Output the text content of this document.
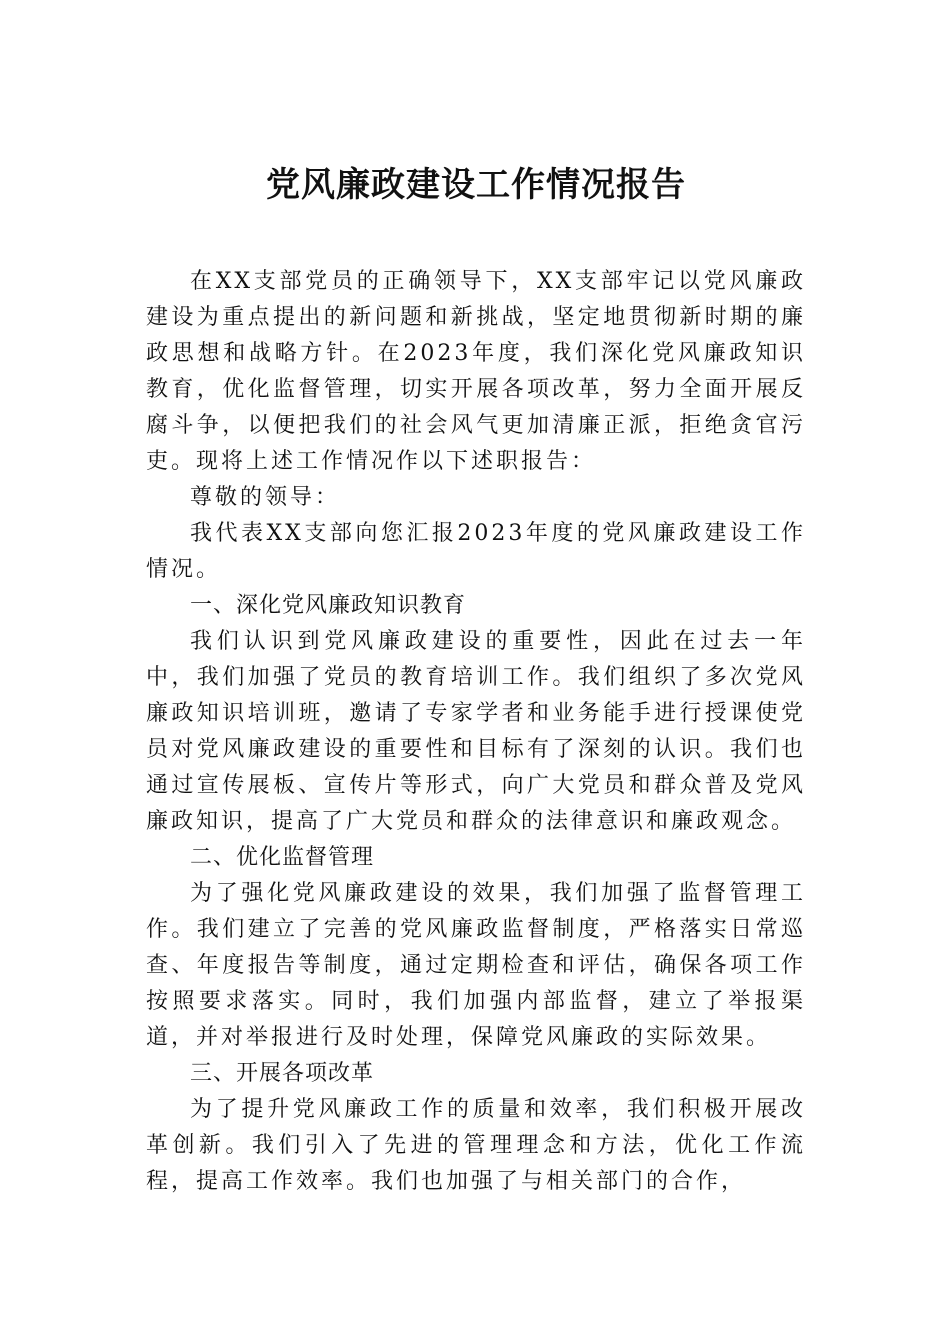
党风廉政建设工作情况报告

在XX支部党员的正确领导下，XX支部牢记以党风廉政建设为重点提出的新问题和新挑战，坚定地贯彻新时期的廉政思想和战略方针。在2023年度，我们深化党风廉政知识教育，优化监督管理，切实开展各项改革，努力全面开展反腐斗争，以便把我们的社会风气更加清廉正派，拒绝贪官污吏。现将上述工作情况作以下述职报告：

尊敬的领导：

我代表XX支部向您汇报2023年度的党风廉政建设工作情况。

一、深化党风廉政知识教育

我们认识到党风廉政建设的重要性，因此在过去一年中，我们加强了党员的教育培训工作。我们组织了多次党风廉政知识培训班，邀请了专家学者和业务能手进行授课使党员对党风廉政建设的重要性和目标有了深刻的认识。我们也通过宣传展板、宣传片等形式，向广大党员和群众普及党风廉政知识，提高了广大党员和群众的法律意识和廉政观念。

二、优化监督管理

为了强化党风廉政建设的效果，我们加强了监督管理工作。我们建立了完善的党风廉政监督制度，严格落实日常巡查、年度报告等制度，通过定期检查和评估，确保各项工作按照要求落实。同时，我们加强内部监督，建立了举报渠道，并对举报进行及时处理，保障党风廉政的实际效果。

三、开展各项改革

为了提升党风廉政工作的质量和效率，我们积极开展改革创新。我们引入了先进的管理理念和方法，优化工作流程，提高工作效率。我们也加强了与相关部门的合作，
